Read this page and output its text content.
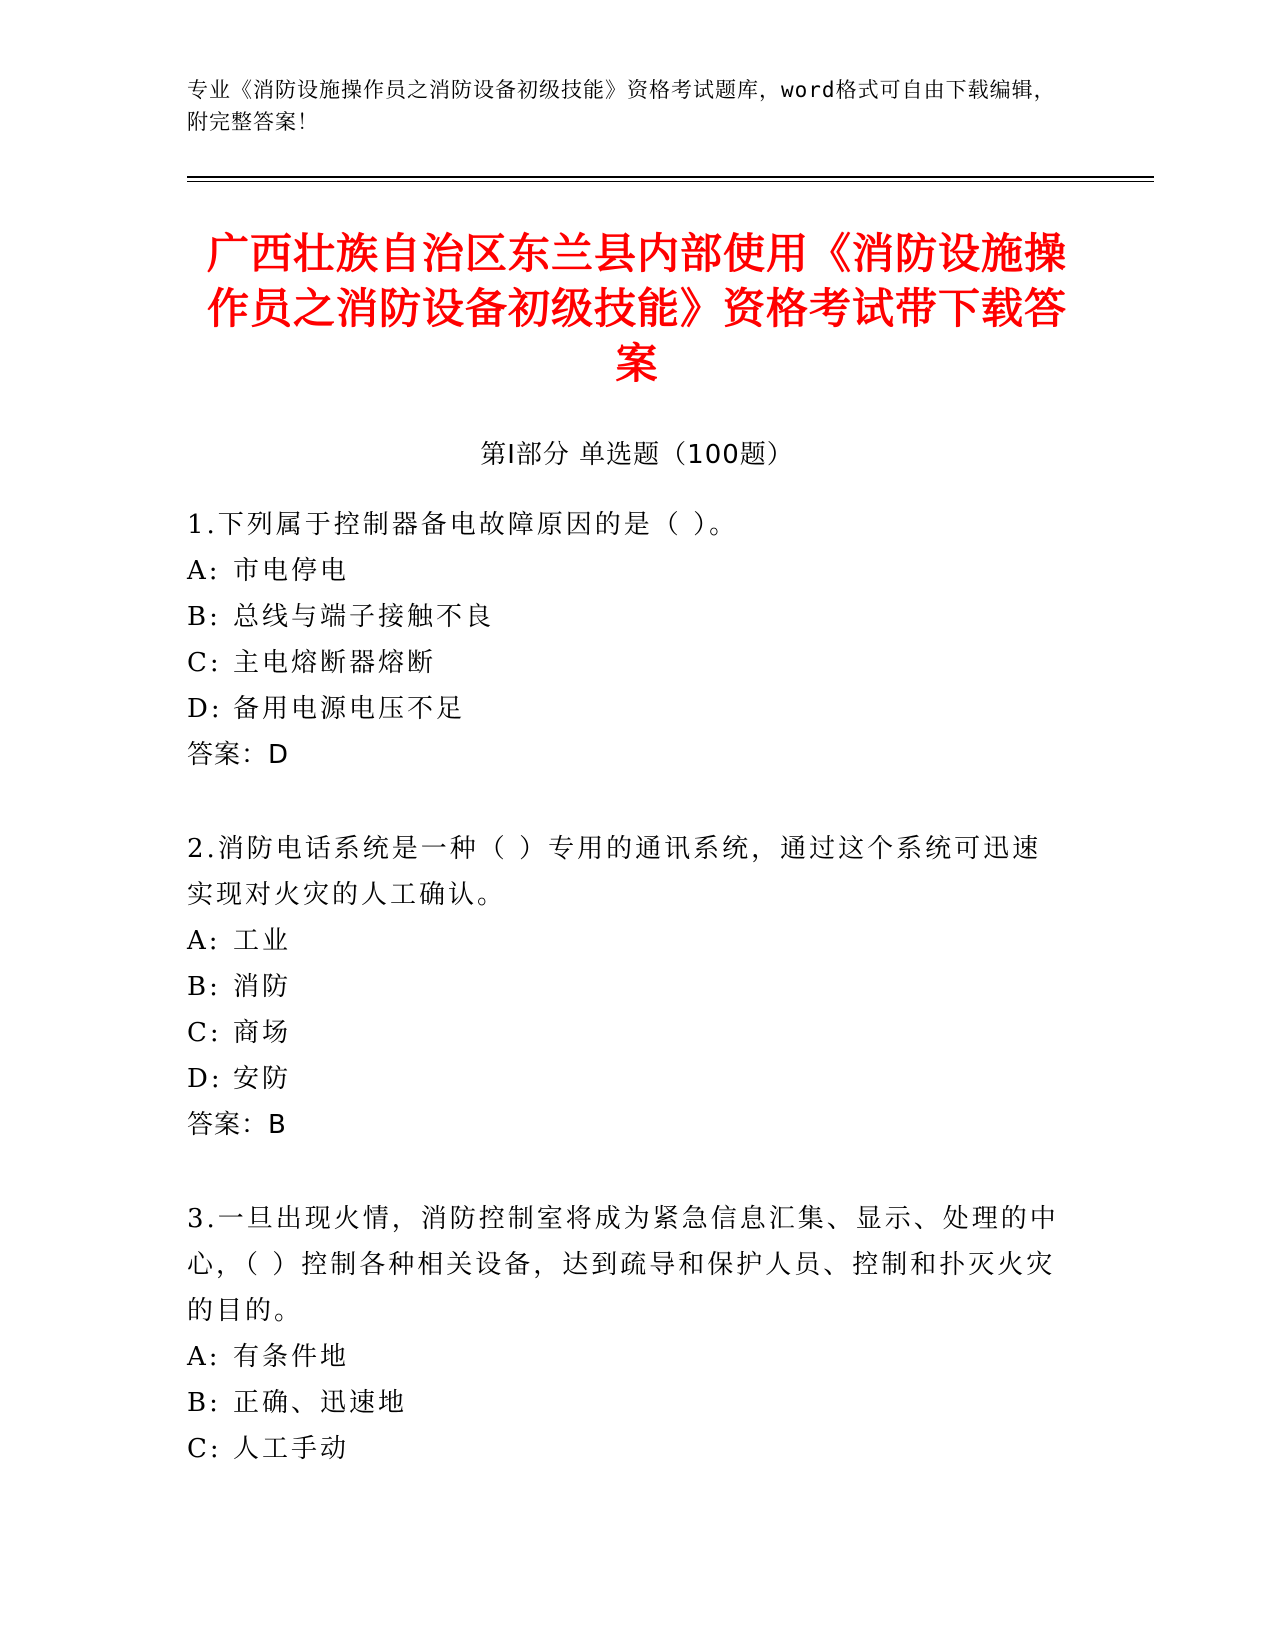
专业《消防设施操作员之消防设备初级技能》资格考试题库，word格式可自由下载编辑，附完整答案！
广西壮族自治区东兰县内部使用《消防设施操作员之消防设备初级技能》资格考试带下载答案
第Ⅰ部分 单选题（100题）

1.下列属于控制器备电故障原因的是（ ）。

A: 市电停电

B: 总线与端子接触不良

C: 主电熔断器熔断

D: 备用电源电压不足

答案：D

2.消防电话系统是一种（ ）专用的通讯系统，通过这个系统可迅速实现对火灾的人工确认。

A: 工业

B: 消防

C: 商场

D: 安防

答案：B

3.一旦出现火情，消防控制室将成为紧急信息汇集、显示、处理的中心，（ ）控制各种相关设备，达到疏导和保护人员、控制和扑灭火灾的目的。

A: 有条件地

B: 正确、迅速地

C: 人工手动
